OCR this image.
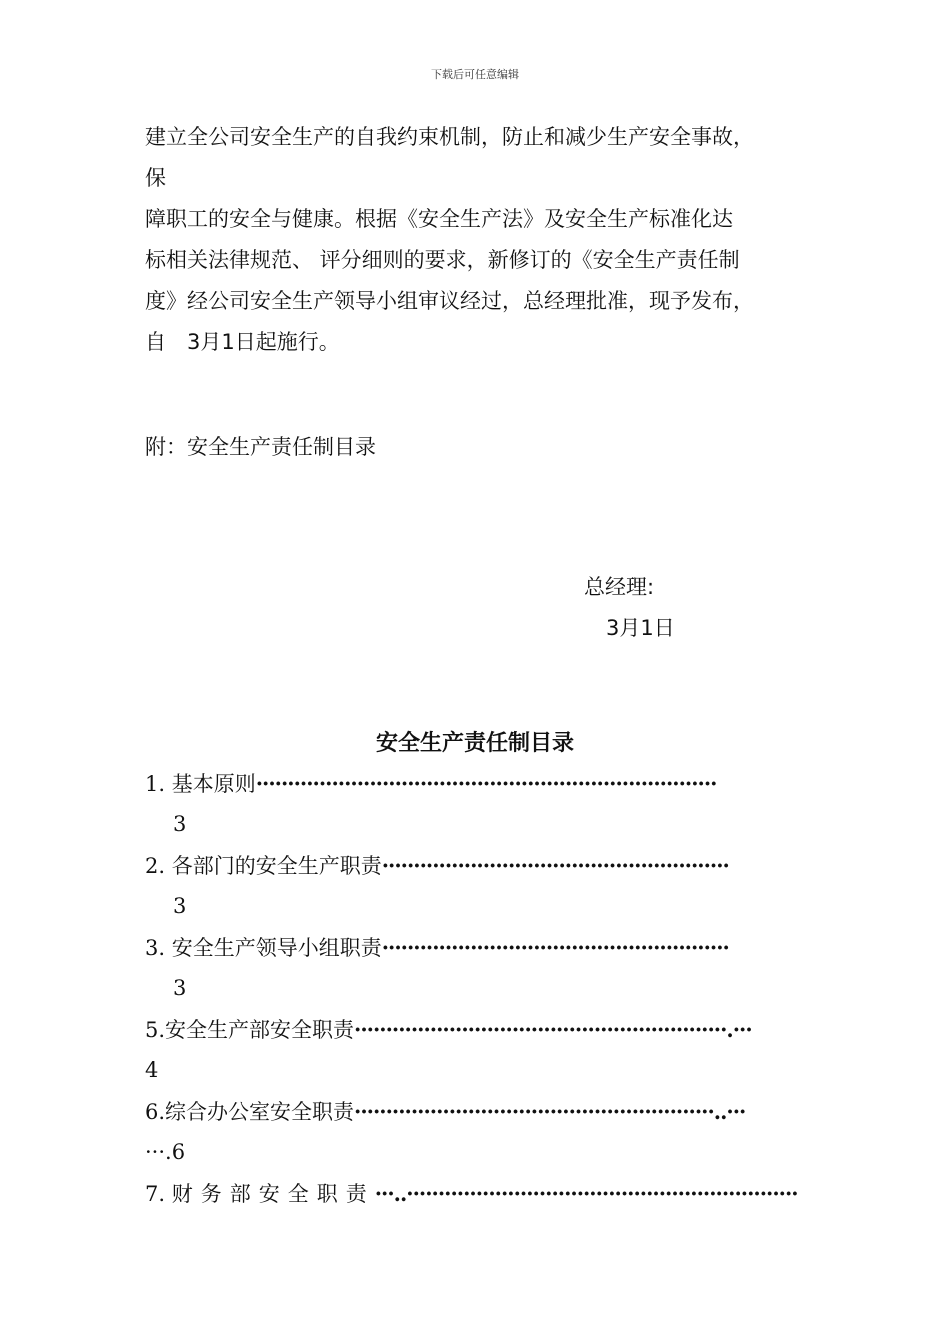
下载后可任意编辑
建立全公司安全生产的自我约束机制，防止和减少生产安全事故，
保
障职工的安全与健康。根据《安全生产法》及安全生产标准化达
标相关法律规范、 评分细则的要求，新修订的《安全生产责任制
度》经公司安全生产领导小组审议经过，总经理批准，现予发布，
自　3月1日起施行。
附：安全生产责任制目录
总经理:
3月1日
安全生产责任制目录
1. 基本原则·········································································
3
2. 各部门的安全生产职责·······················································
3
3. 安全生产领导小组职责·······················································
3
5.安全生产部安全职责···························································.···
4
6.综合办公室安全职责·························································..···
···.6
7. 财务部安全职责···..······························································
